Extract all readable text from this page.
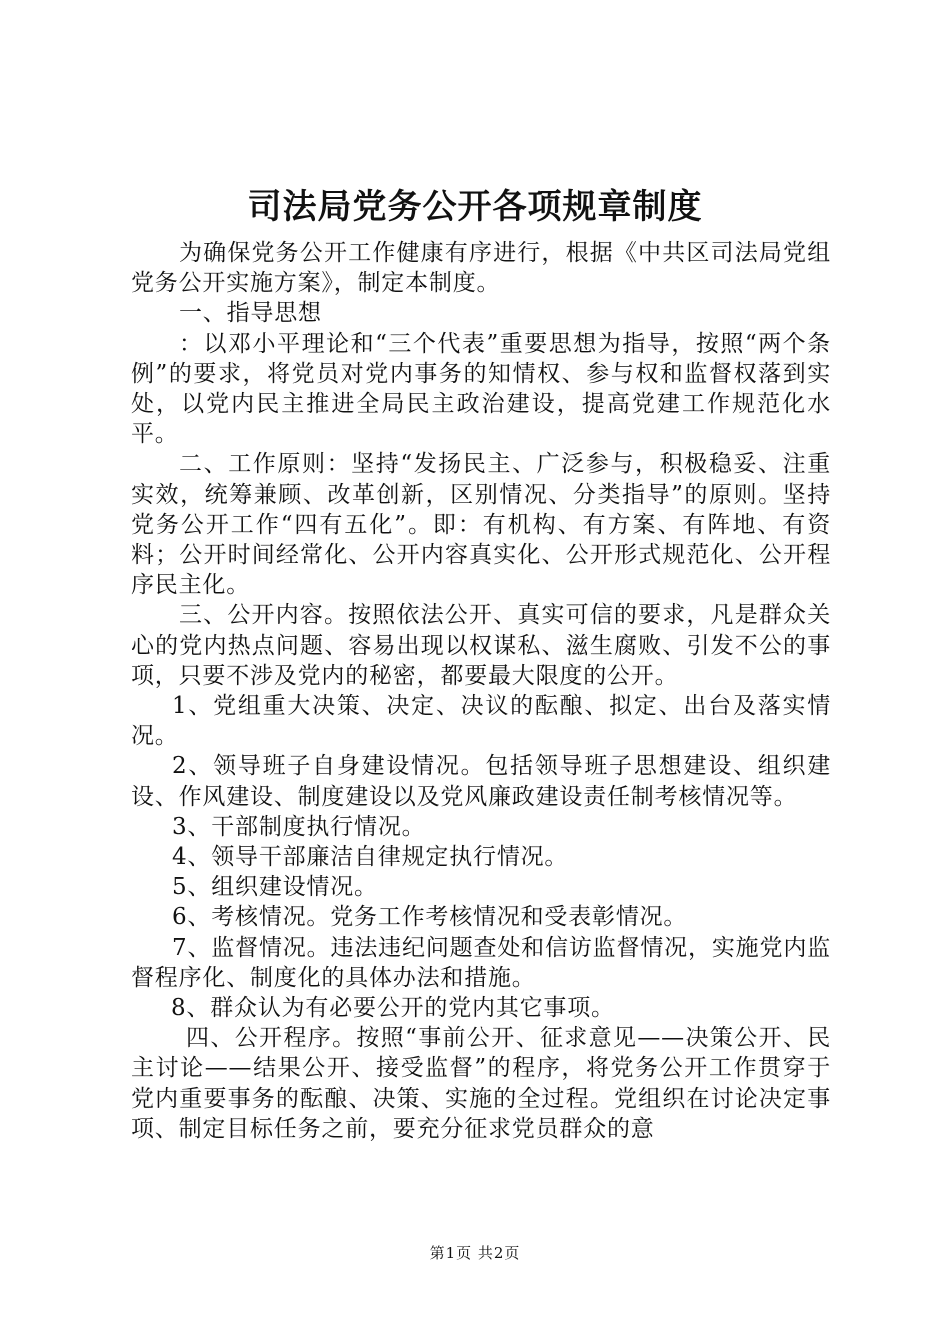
司法局党务公开各项规章制度

为确保党务公开工作健康有序进行，根据《中共区司法局党组党务公开实施方案》，制定本制度。

一、指导思想

：以邓小平理论和“三个代表”重要思想为指导，按照“两个条例”的要求，将党员对党内事务的知情权、参与权和监督权落到实处，以党内民主推进全局民主政治建设，提高党建工作规范化水平。

二、工作原则：坚持“发扬民主、广泛参与，积极稳妥、注重实效，统筹兼顾、改革创新，区别情况、分类指导”的原则。坚持党务公开工作“四有五化”。即：有机构、有方案、有阵地、有资料；公开时间经常化、公开内容真实化、公开形式规范化、公开程序民主化。

三、公开内容。按照依法公开、真实可信的要求，凡是群众关心的党内热点问题、容易出现以权谋私、滋生腐败、引发不公的事项，只要不涉及党内的秘密，都要最大限度的公开。

1、党组重大决策、决定、决议的酝酿、拟定、出台及落实情况。

2、领导班子自身建设情况。包括领导班子思想建设、组织建设、作风建设、制度建设以及党风廉政建设责任制考核情况等。

3、干部制度执行情况。

4、领导干部廉洁自律规定执行情况。

5、组织建设情况。

6、考核情况。党务工作考核情况和受表彰情况。

7、监督情况。违法违纪问题查处和信访监督情况，实施党内监督程序化、制度化的具体办法和措施。

8、群众认为有必要公开的党内其它事项。

四、公开程序。按照“事前公开、征求意见——决策公开、民主讨论——结果公开、接受监督”的程序，将党务公开工作贯穿于党内重要事务的酝酿、决策、实施的全过程。党组织在讨论决定事项、制定目标任务之前，要充分征求党员群众的意

第1页 共2页
